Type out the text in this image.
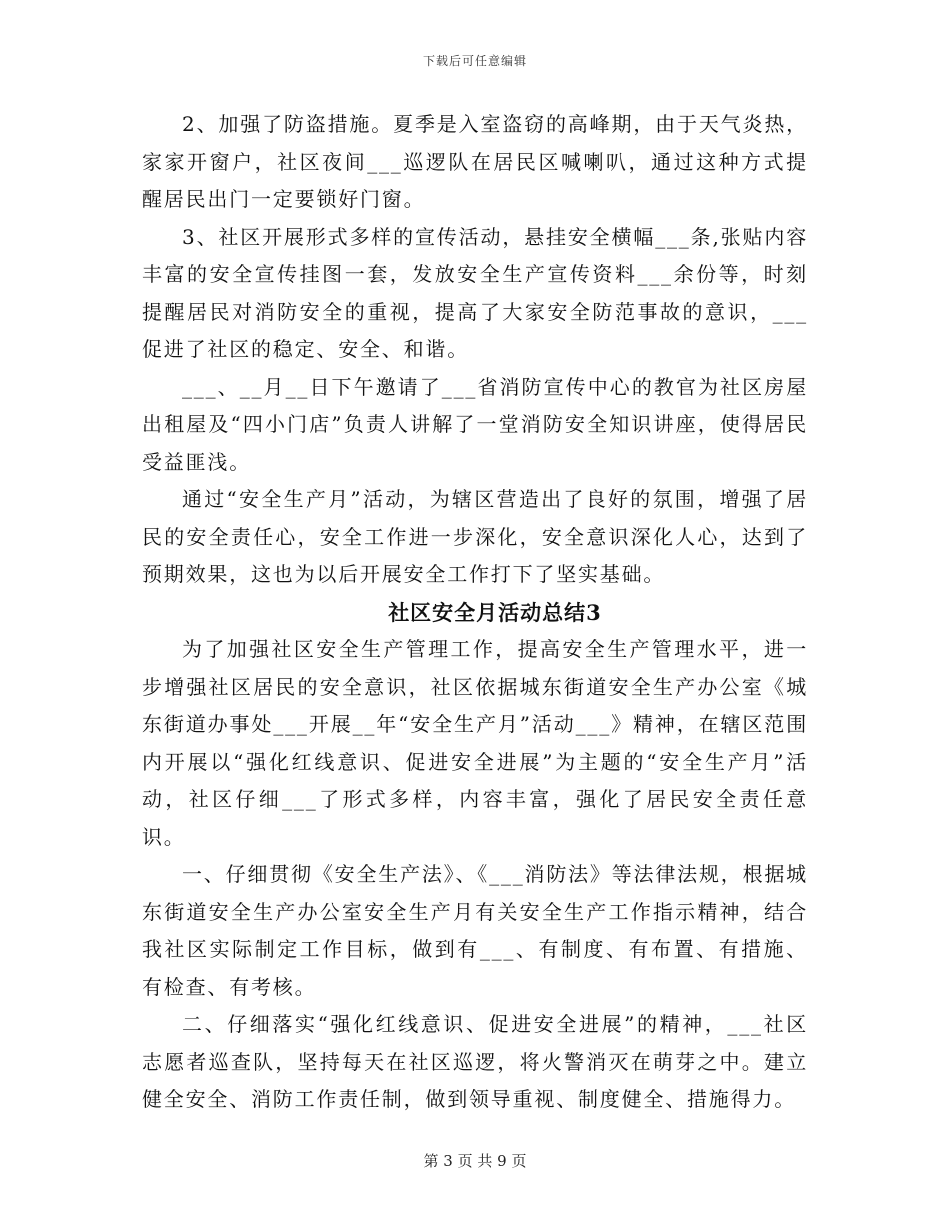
下载后可任意编辑

2、加强了防盗措施。夏季是入室盗窃的高峰期，由于天气炎热，家家开窗户，社区夜间___巡逻队在居民区喊喇叭，通过这种方式提醒居民出门一定要锁好门窗。

3、社区开展形式多样的宣传活动，悬挂安全横幅___条,张贴内容丰富的安全宣传挂图一套，发放安全生产宣传资料___余份等，时刻提醒居民对消防安全的重视，提高了大家安全防范事故的意识，___促进了社区的稳定、安全、和谐。

___、__月__日下午邀请了___省消防宣传中心的教官为社区房屋出租屋及“四小门店”负责人讲解了一堂消防安全知识讲座，使得居民受益匪浅。

通过“安全生产月”活动，为辖区营造出了良好的氛围，增强了居民的安全责任心，安全工作进一步深化，安全意识深化人心，达到了预期效果，这也为以后开展安全工作打下了坚实基础。

社区安全月活动总结3

为了加强社区安全生产管理工作，提高安全生产管理水平，进一步增强社区居民的安全意识，社区依据城东街道安全生产办公室《城东街道办事处___开展__年“安全生产月”活动___》精神，在辖区范围内开展以“强化红线意识、促进安全进展”为主题的“安全生产月”活动，社区仔细___了形式多样，内容丰富，强化了居民安全责任意识。

一、仔细贯彻《安全生产法》、《___消防法》等法律法规，根据城东街道安全生产办公室安全生产月有关安全生产工作指示精神，结合我社区实际制定工作目标，做到有___、有制度、有布置、有措施、有检查、有考核。

二、仔细落实“强化红线意识、促进安全进展”的精神，___社区志愿者巡查队，坚持每天在社区巡逻，将火警消灭在萌芽之中。建立健全安全、消防工作责任制，做到领导重视、制度健全、措施得力。

第 3 页 共 9 页
